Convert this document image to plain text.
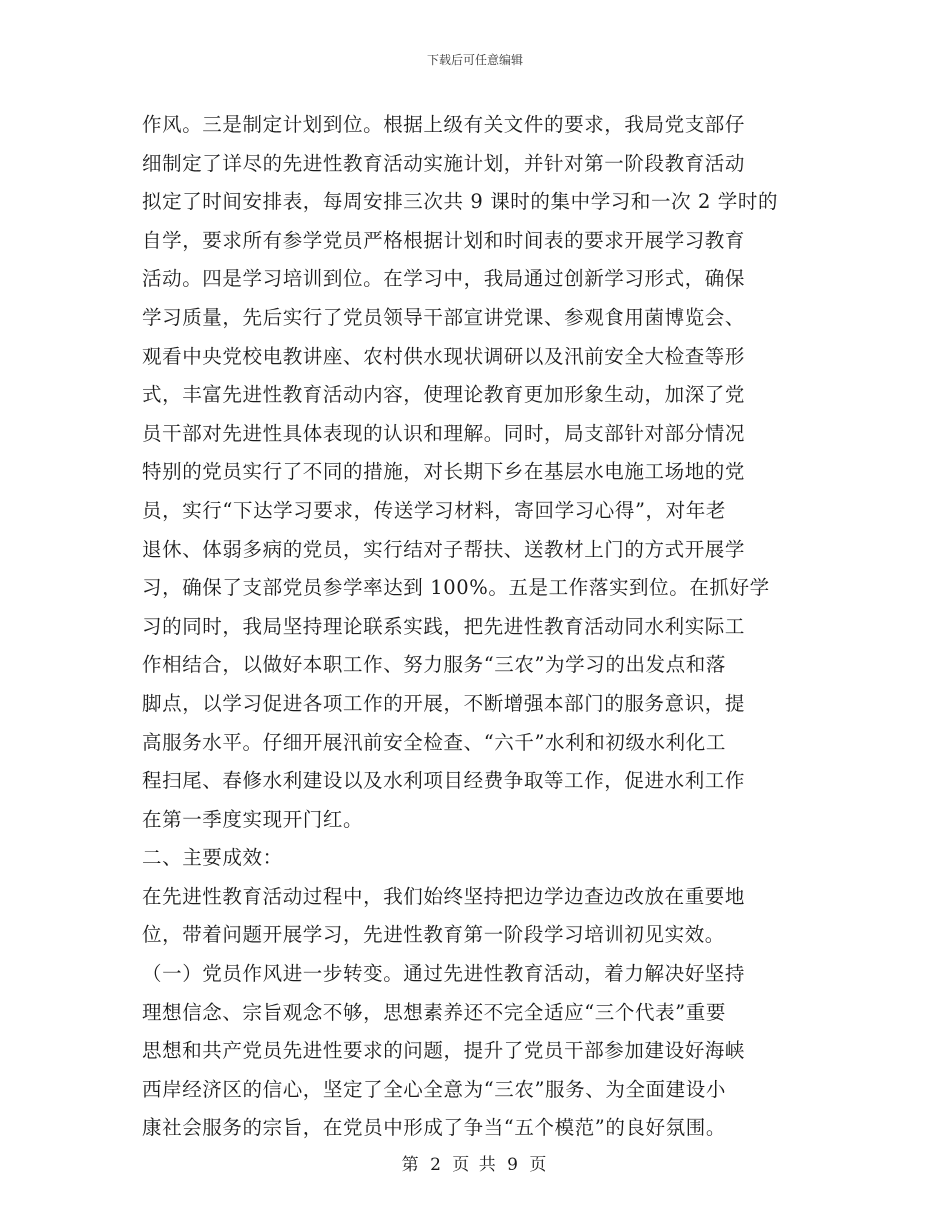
下载后可任意编辑
作风。三是制定计划到位。根据上级有关文件的要求，我局党支部仔
细制定了详尽的先进性教育活动实施计划，并针对第一阶段教育活动
拟定了时间安排表，每周安排三次共 9 课时的集中学习和一次 2 学时的
自学，要求所有参学党员严格根据计划和时间表的要求开展学习教育
活动。四是学习培训到位。在学习中，我局通过创新学习形式，确保
学习质量，先后实行了党员领导干部宣讲党课、参观食用菌博览会、
观看中央党校电教讲座、农村供水现状调研以及汛前安全大检查等形
式，丰富先进性教育活动内容，使理论教育更加形象生动，加深了党
员干部对先进性具体表现的认识和理解。同时，局支部针对部分情况
特别的党员实行了不同的措施，对长期下乡在基层水电施工场地的党
员，实行“下达学习要求，传送学习材料，寄回学习心得”，对年老
退休、体弱多病的党员，实行结对子帮扶、送教材上门的方式开展学
习，确保了支部党员参学率达到 100%。五是工作落实到位。在抓好学
习的同时，我局坚持理论联系实践，把先进性教育活动同水利实际工
作相结合，以做好本职工作、努力服务“三农”为学习的出发点和落
脚点，以学习促进各项工作的开展，不断增强本部门的服务意识，提
高服务水平。仔细开展汛前安全检查、“六千”水利和初级水利化工
程扫尾、春修水利建设以及水利项目经费争取等工作，促进水利工作
在第一季度实现开门红。
二、主要成效：
在先进性教育活动过程中，我们始终坚持把边学边查边改放在重要地
位，带着问题开展学习，先进性教育第一阶段学习培训初见实效。
（一）党员作风进一步转变。通过先进性教育活动，着力解决好坚持
理想信念、宗旨观念不够，思想素养还不完全适应“三个代表”重要
思想和共产党员先进性要求的问题，提升了党员干部参加建设好海峡
西岸经济区的信心，坚定了全心全意为“三农”服务、为全面建设小
康社会服务的宗旨，在党员中形成了争当“五个模范”的良好氛围。
第 2 页 共 9 页
